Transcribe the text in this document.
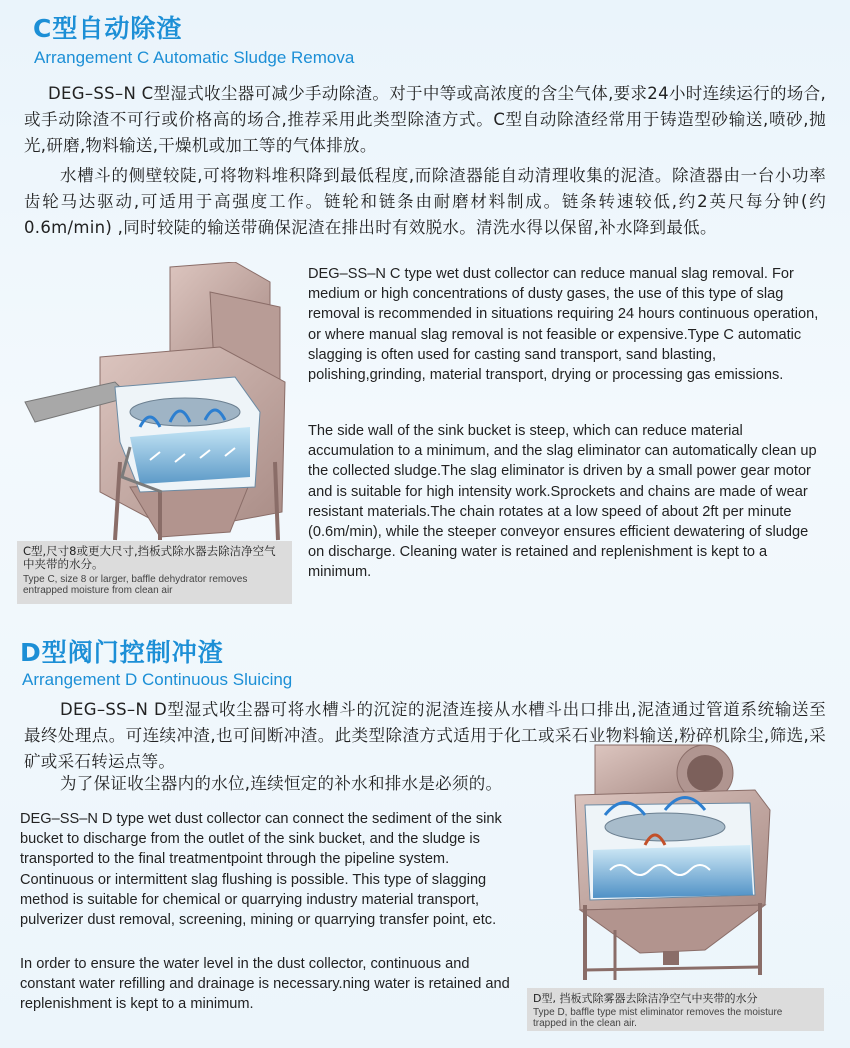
C型自动除渣
Arrangement C Automatic Sludge Remova

DEG–SS–N C型湿式收尘器可减少手动除渣。对于中等或高浓度的含尘气体,要求24小时连续运行的场合,或手动除渣不可行或价格高的场合,推荐采用此类型除渣方式。C型自动除渣经常用于铸造型砂输送,喷砂,抛光,研磨,物料输送,干燥机或加工等的气体排放。

水槽斗的侧壁较陡,可将物料堆积降到最低程度,而除渣器能自动清理收集的泥渣。除渣器由一台小功率齿轮马达驱动,可适用于高强度工作。链轮和链条由耐磨材料制成。链条转速较低,约2英尺每分钟(约0.6m/min) ,同时较陡的输送带确保泥渣在排出时有效脱水。清洗水得以保留,补水降到最低。

C型,尺寸8或更大尺寸,挡板式除水器去除洁净空气中夹带的水分。
Type C, size 8 or larger, baffle dehydrator removes entrapped moisture from clean air

DEG–SS–N C type wet dust collector can reduce manual slag removal. For medium or high concentrations of dusty gases, the use of this type of slag removal is recommended in situations requiring 24 hours continuous operation, or where manual slag removal is not feasible or expensive.Type C automatic slagging is often used for casting sand transport, sand blasting, polishing,grinding, material transport, drying or processing gas emissions.

The side wall of the sink bucket is steep, which can reduce material accumulation to a minimum, and the slag eliminator can automatically clean up the collected sludge.The slag eliminator is driven by a small power gear motor and is suitable for high intensity work.Sprockets and chains are made of wear resistant materials.The chain rotates at a low speed of about 2ft per minute (0.6m/min), while the steeper conveyor ensures efficient dewatering of sludge on discharge. Cleaning water is retained and replenishment is kept to a minimum.

D型阀门控制冲渣
Arrangement D Continuous Sluicing

DEG–SS–N D型湿式收尘器可将水槽斗的沉淀的泥渣连接从水槽斗出口排出,泥渣通过管道系统输送至最终处理点。可连续冲渣,也可间断冲渣。此类型除渣方式适用于化工或采石业物料输送,粉碎机除尘,筛选,采矿或采石转运点等。

为了保证收尘器内的水位,连续恒定的补水和排水是必须的。

DEG–SS–N D type wet dust collector can connect the sediment of the sink bucket to discharge from the outlet of the sink bucket, and the sludge is transported to the final treatmentpoint through the pipeline system. Continuous or intermittent slag flushing is possible. This type of slagging method is suitable for chemical or quarrying industry material transport, pulverizer dust removal, screening, mining or quarrying transfer point, etc.

In order to ensure the water level in the dust collector, continuous and constant water refilling and drainage is necessary.ning water is retained and replenishment is kept to a minimum.	D型, 挡板式除雾器去除洁净空气中夹带的水分
Type D, baffle type mist eliminator removes the moisture trapped in the clean air.
